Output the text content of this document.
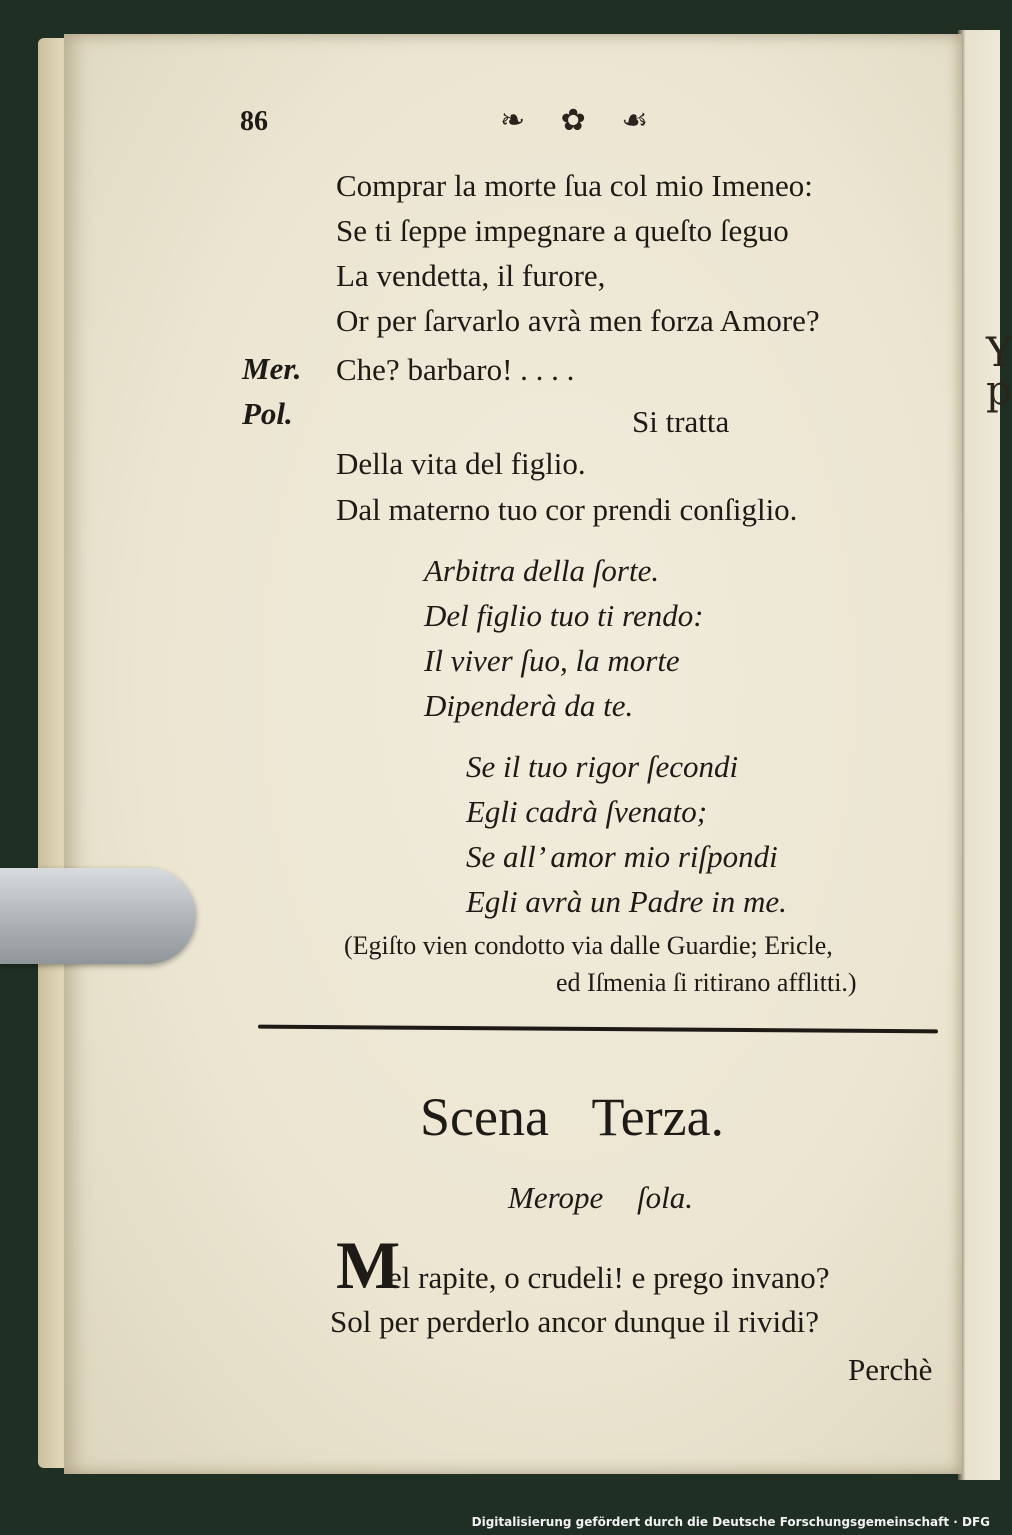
Y
p
86	❧ ✿ ☙
Comprar la morte ſua col mio Imeneo:
Se ti ſeppe impegnare a queſto ſeguo
La vendetta, il furore,
Or per ſarvarlo avrà men forza Amore?
Mer. Che? barbaro! . . . .
Pol.	Si tratta
Della vita del figlio.
Dal materno tuo cor prendi conſiglio.
Arbitra della ſorte.
Del figlio tuo ti rendo:
Il viver ſuo, la morte
Dipenderà da te.
Se il tuo rigor ſecondi
Egli cadrà ſvenato;
Se all’ amor mio riſpondi
Egli avrà un Padre in me.
(Egiſto vien condotto via dalle Guardie; Ericle,
ed Iſmenia ſi ritirano afflitti.)
Scena Terza.
Merope ſola.
M
el rapite, o crudeli! e prego invano?
Sol per perderlo ancor dunque il rividi?
Perchè
Digitalisierung gefördert durch die Deutsche Forschungsgemeinschaft · DFG
